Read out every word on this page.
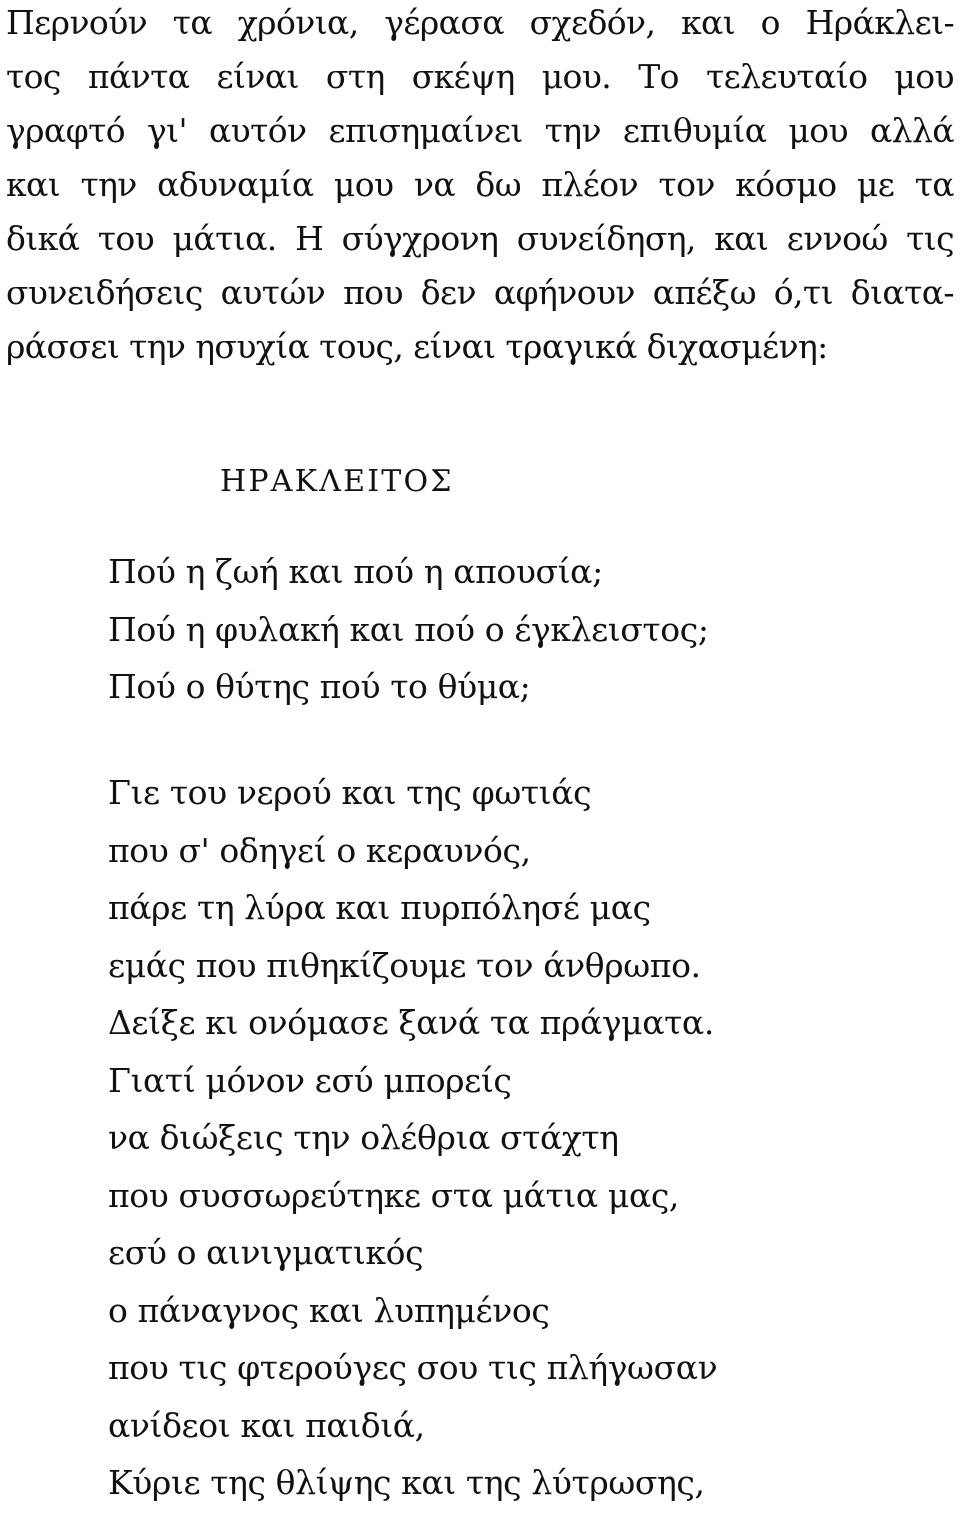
Περνούν τα χρόνια, γέρασα σχεδόν, και ο Ηράκλει-
τος πάντα είναι στη σκέψη μου. Το τελευταίο μου
γραφτό γι' αυτόν επισημαίνει την επιθυμία μου αλλά
και την αδυναμία μου να δω πλέον τον κόσμο με τα
δικά του μάτια. Η σύγχρονη συνείδηση, και εννοώ τις
συνειδήσεις αυτών που δεν αφήνουν απέξω ό,τι διατα-
ράσσει την ησυχία τους, είναι τραγικά διχασμένη:
ΗΡΑΚΛΕΙΤΟΣ
Πού η ζωή και πού η απουσία;
Πού η φυλακή και πού ο έγκλειστος;
Πού ο θύτης πού το θύμα;
Γιε του νερού και της φωτιάς
που σ' οδηγεί ο κεραυνός,
πάρε τη λύρα και πυρπόλησέ μας
εμάς που πιθηκίζουμε τον άνθρωπο.
Δείξε κι ονόμασε ξανά τα πράγματα.
Γιατί μόνον εσύ μπορείς
να διώξεις την ολέθρια στάχτη
που συσσωρεύτηκε στα μάτια μας,
εσύ ο αινιγματικός
ο πάναγνος και λυπημένος
που τις φτερούγες σου τις πλήγωσαν
ανίδεοι και παιδιά,
Κύριε της θλίψης και της λύτρωσης,
